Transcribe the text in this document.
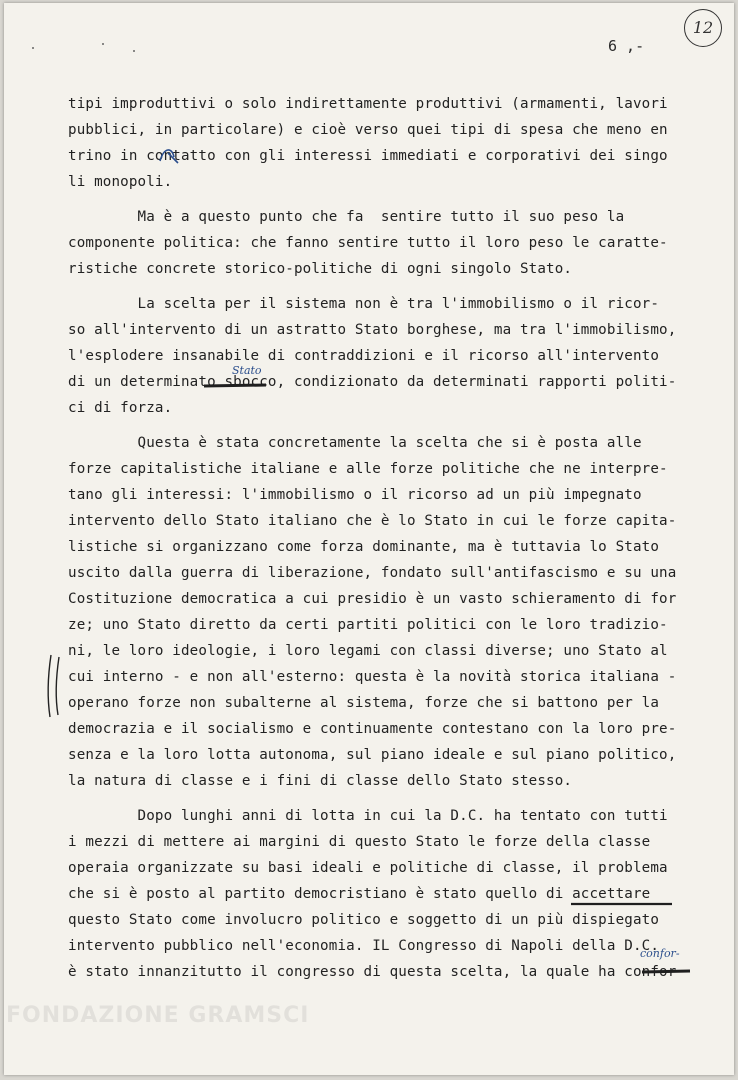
6 ,-
12
tipi improduttivi o solo indirettamente produttivi (armamenti, lavori
pubblici, in particolare) e cioè verso quei tipi di spesa che meno en
trino in contatto con gli interessi immediati e corporativi dei singo
li monopoli.
Ma è a questo punto che fa  sentire tutto il suo peso la
componente politica: che fanno sentire tutto il loro peso le caratte-
ristiche concrete storico-politiche di ogni singolo Stato.
La scelta per il sistema non è tra l'immobilismo o il ricor-
so all'intervento di un astratto Stato borghese, ma tra l'immobilismo,
l'esplodere insanabile di contraddizioni e il ricorso all'intervento
di un determinato sbocco, condizionato da determinati rapporti politi-
ci di forza.
Questa è stata concretamente la scelta che si è posta alle
forze capitalistiche italiane e alle forze politiche che ne interpre-
tano gli interessi: l'immobilismo o il ricorso ad un più impegnato
intervento dello Stato italiano che è lo Stato in cui le forze capita-
listiche si organizzano come forza dominante, ma è tuttavia lo Stato
uscito dalla guerra di liberazione, fondato sull'antifascismo e su una
Costituzione democratica a cui presidio è un vasto schieramento di for
ze; uno Stato diretto da certi partiti politici con le loro tradizio-
ni, le loro ideologie, i loro legami con classi diverse; uno Stato al
cui interno - e non all'esterno: questa è la novità storica italiana -
operano forze non subalterne al sistema, forze che si battono per la
democrazia e il socialismo e continuamente contestano con la loro pre-
senza e la loro lotta autonoma, sul piano ideale e sul piano politico,
la natura di classe e i fini di classe dello Stato stesso.
Dopo lunghi anni di lotta in cui la D.C. ha tentato con tutti
i mezzi di mettere ai margini di questo Stato le forze della classe
operaia organizzate su basi ideali e politiche di classe, il problema
che si è posto al partito democristiano è stato quello di accettare
questo Stato come involucro politico e soggetto di un più dispiegato
intervento pubblico nell'economia. IL Congresso di Napoli della D.C.
è stato innanzitutto il congresso di questa scelta, la quale ha confor-
Stato
confor-
FONDAZIONE GRAMSCI
